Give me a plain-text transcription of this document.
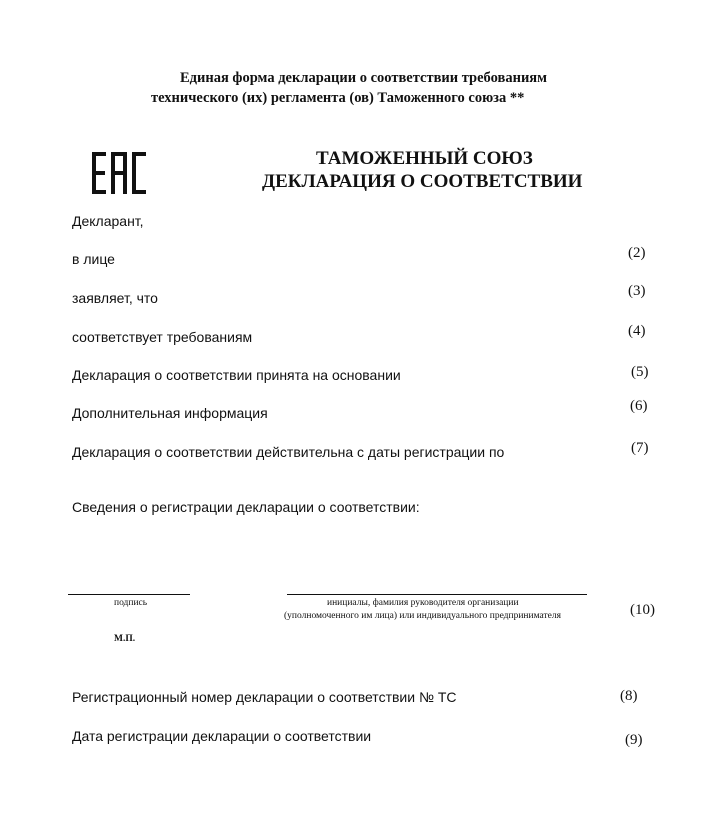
Единая форма декларации о соответствии требованиям
технического (их) регламента (ов) Таможенного союза **
ТАМОЖЕННЫЙ СОЮЗ
ДЕКЛАРАЦИЯ О СООТВЕТСТВИИ
Декларант,
в лице	(2)
заявляет, что	(3)
соответствует требованиям	(4)
Декларация о соответствии принята на основании	(5)
Дополнительная информация	(6)
Декларация о соответствии действительна с даты регистрации по	(7)
Сведения о регистрации декларации о соответствии:
подпись	инициалы, фамилия руководителя организации
(уполномоченного им лица) или индивидуального предпринимателя	(10)
М.П.
Регистрационный номер декларации о соответствии № ТС	(8)
Дата регистрации декларации о соответствии	(9)
